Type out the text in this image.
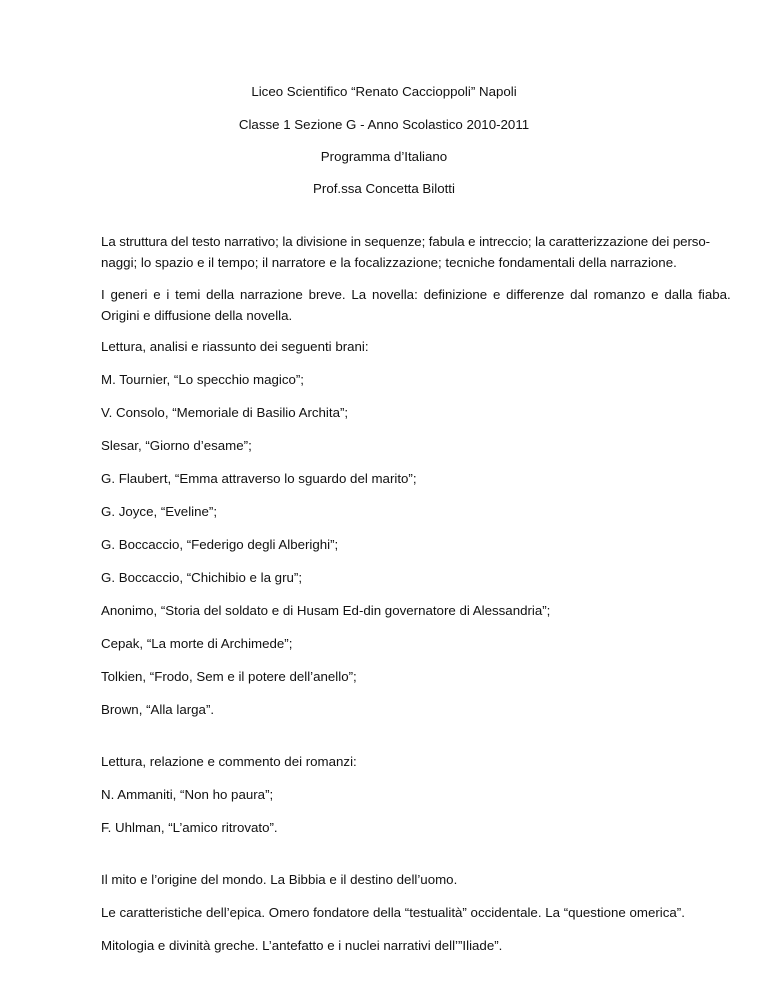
Liceo Scientifico “Renato Caccioppoli” Napoli
Classe 1 Sezione G - Anno Scolastico 2010-2011
Programma d’Italiano
Prof.ssa Concetta Bilotti
La struttura del testo narrativo; la divisione in sequenze; fabula e intreccio; la caratterizzazione dei perso-
naggi; lo spazio e il tempo; il narratore e la focalizzazione; tecniche fondamentali della narrazione.
I generi e i temi della narrazione breve. La novella: definizione e differenze dal romanzo e dalla fiaba.
Origini e diffusione della novella.
Lettura, analisi e riassunto dei seguenti brani:
M. Tournier, “Lo specchio magico”;
V. Consolo, “Memoriale di Basilio Archita”;
Slesar, “Giorno d’esame”;
G. Flaubert, “Emma attraverso lo sguardo del marito”;
G. Joyce, “Eveline”;
G. Boccaccio, “Federigo degli Alberighi”;
G. Boccaccio, “Chichibio e la gru”;
Anonimo, “Storia del soldato e di Husam Ed-din governatore di Alessandria”;
Cepak, “La morte di Archimede”;
Tolkien, “Frodo, Sem e il potere dell’anello”;
Brown, “Alla larga”.
Lettura, relazione e commento dei romanzi:
N. Ammaniti, “Non ho paura”;
F. Uhlman, “L’amico ritrovato”.
Il mito e l’origine del mondo. La Bibbia e il destino dell’uomo.
Le caratteristiche dell’epica. Omero fondatore della “testualità” occidentale. La “questione omerica”.
Mitologia e divinità greche. L’antefatto e i nuclei narrativi dell’”Iliade”.
